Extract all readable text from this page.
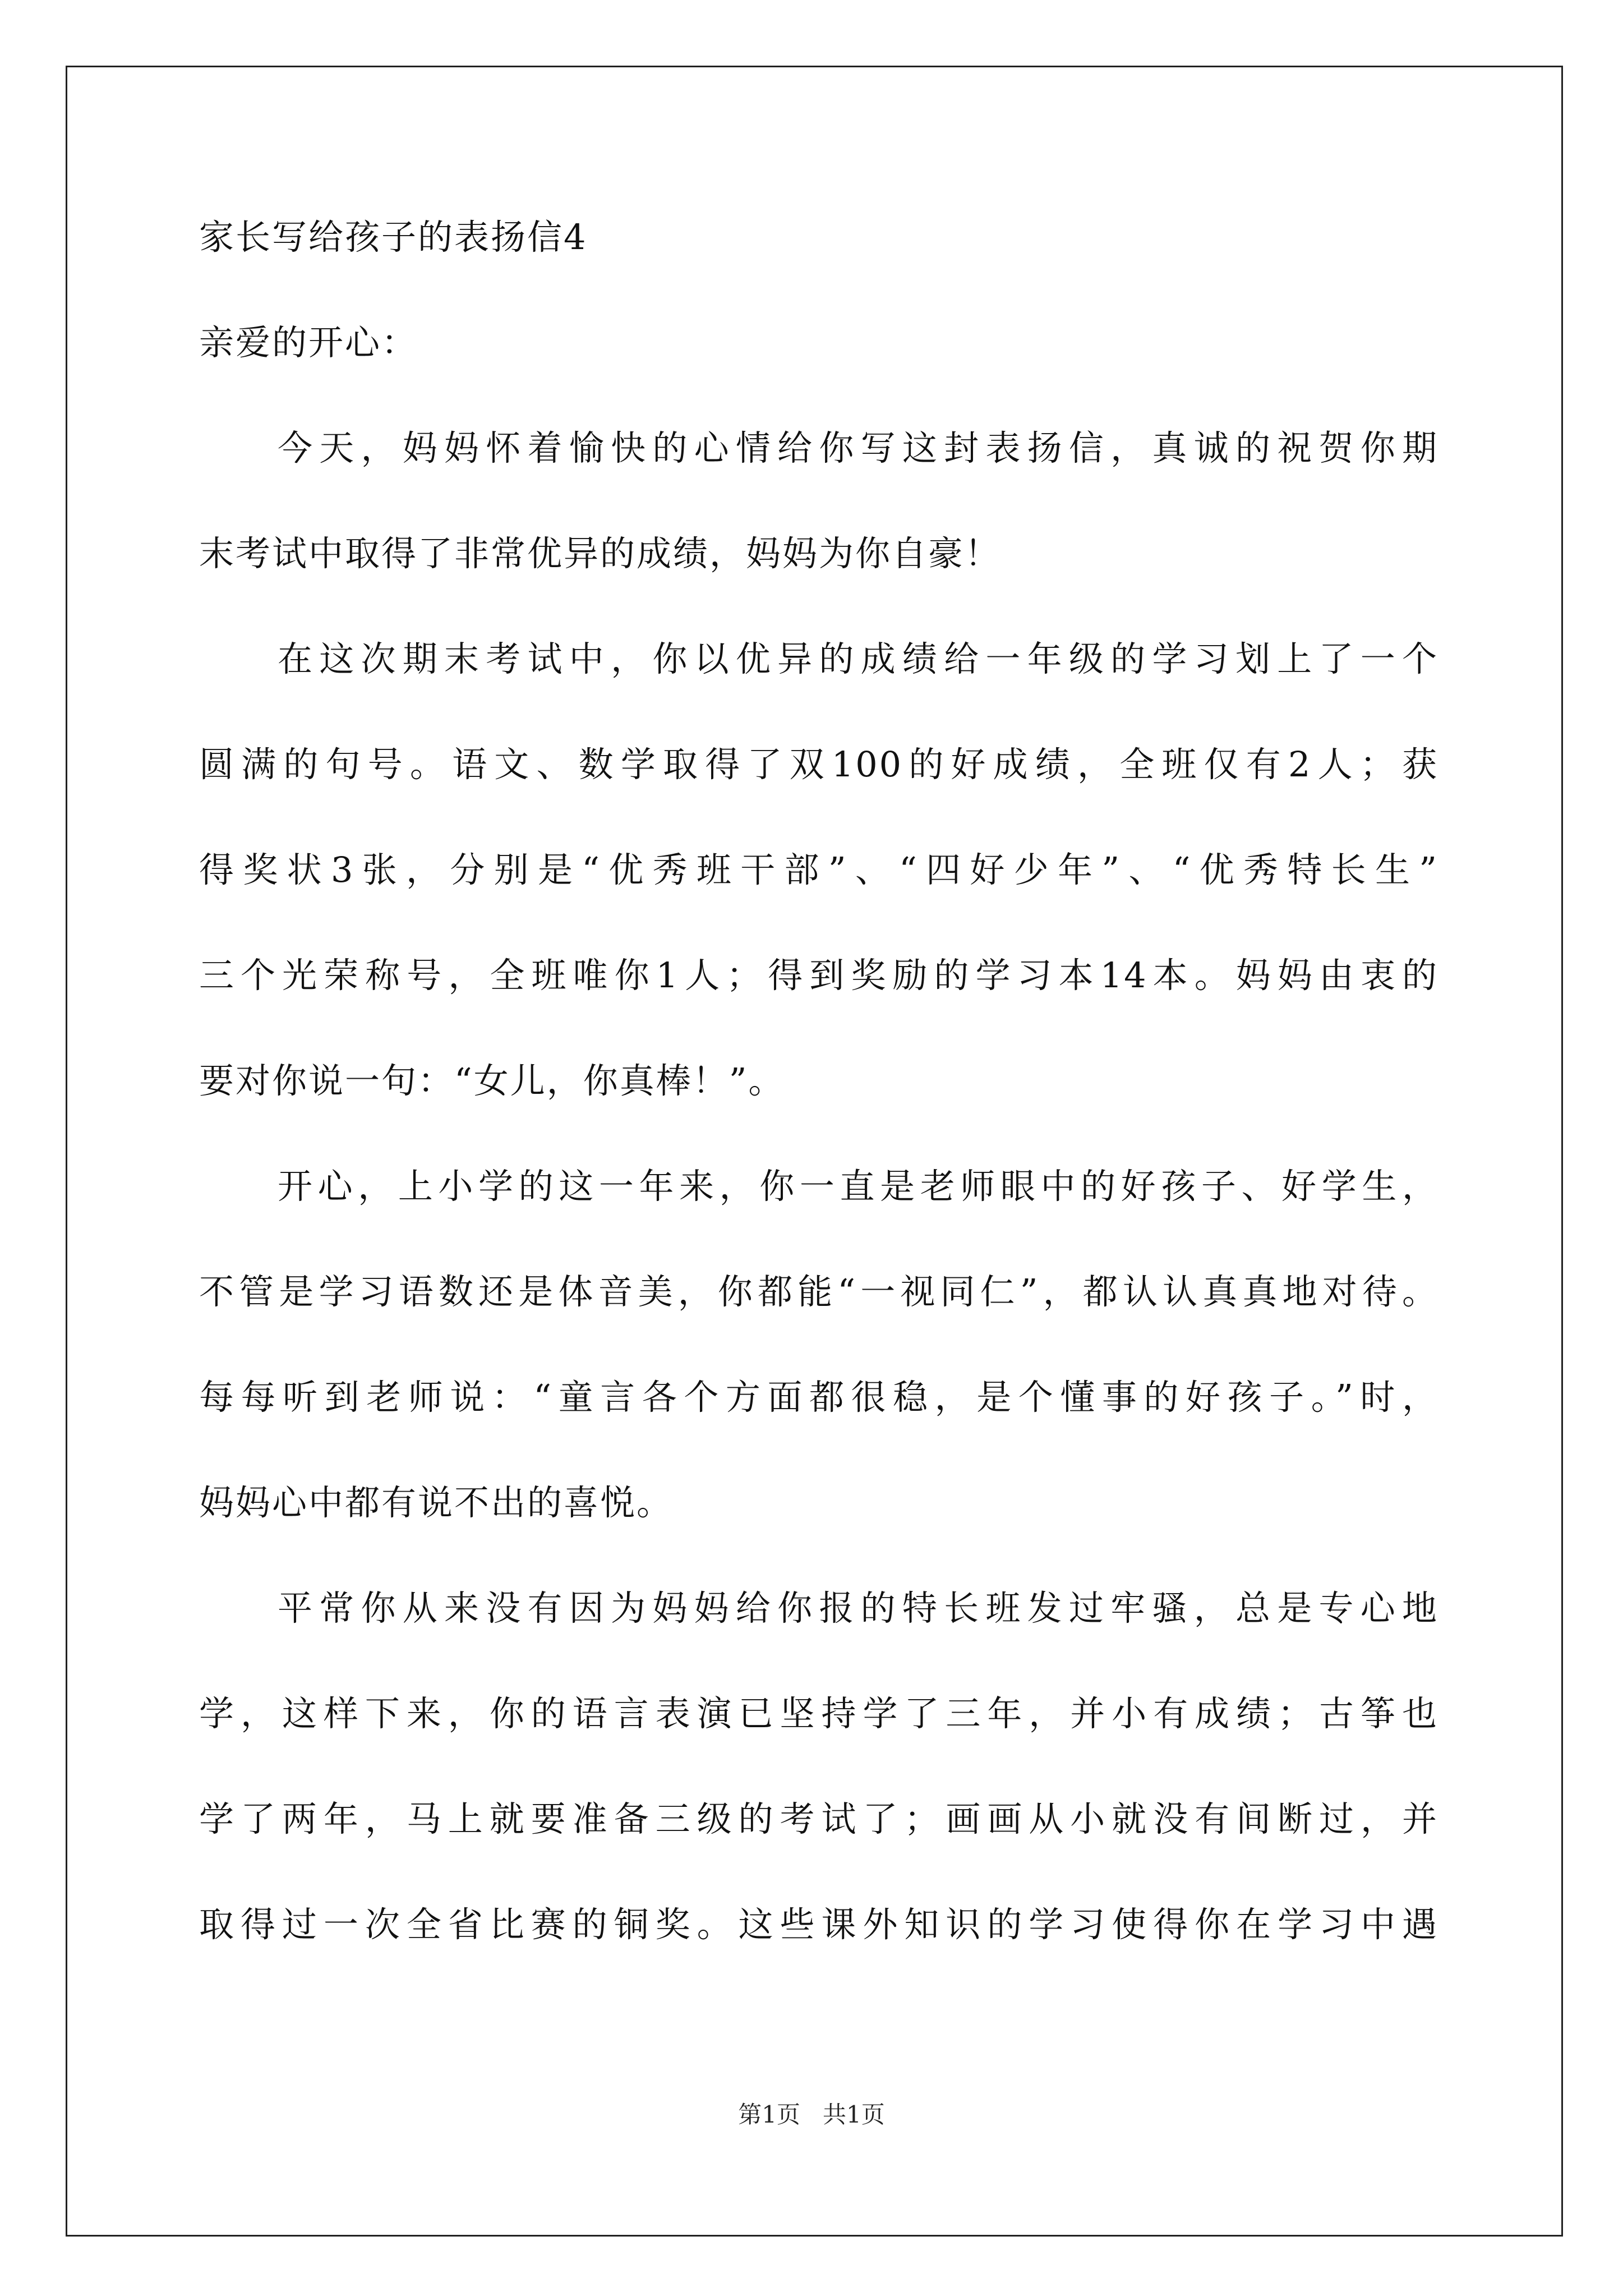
家长写给孩子的表扬信4
亲爱的开心：
今天，妈妈怀着愉快的心情给你写这封表扬信，真诚的祝贺你期
末考试中取得了非常优异的成绩，妈妈为你自豪！
在这次期末考试中，你以优异的成绩给一年级的学习划上了一个
圆满的句号。语文、数学取得了双100的好成绩，全班仅有2人；获
得奖状3张，分别是“优秀班干部”、“四好少年”、“优秀特长生”
三个光荣称号，全班唯你1人；得到奖励的学习本14本。妈妈由衷的
要对你说一句：“女儿，你真棒！”。
开心，上小学的这一年来，你一直是老师眼中的好孩子、好学生，
不管是学习语数还是体音美，你都能“一视同仁”，都认认真真地对待。
每每听到老师说：“童言各个方面都很稳，是个懂事的好孩子。”时，
妈妈心中都有说不出的喜悦。
平常你从来没有因为妈妈给你报的特长班发过牢骚，总是专心地
学，这样下来，你的语言表演已坚持学了三年，并小有成绩；古筝也
学了两年，马上就要准备三级的考试了；画画从小就没有间断过，并
取得过一次全省比赛的铜奖。这些课外知识的学习使得你在学习中遇
第1页 共1页
